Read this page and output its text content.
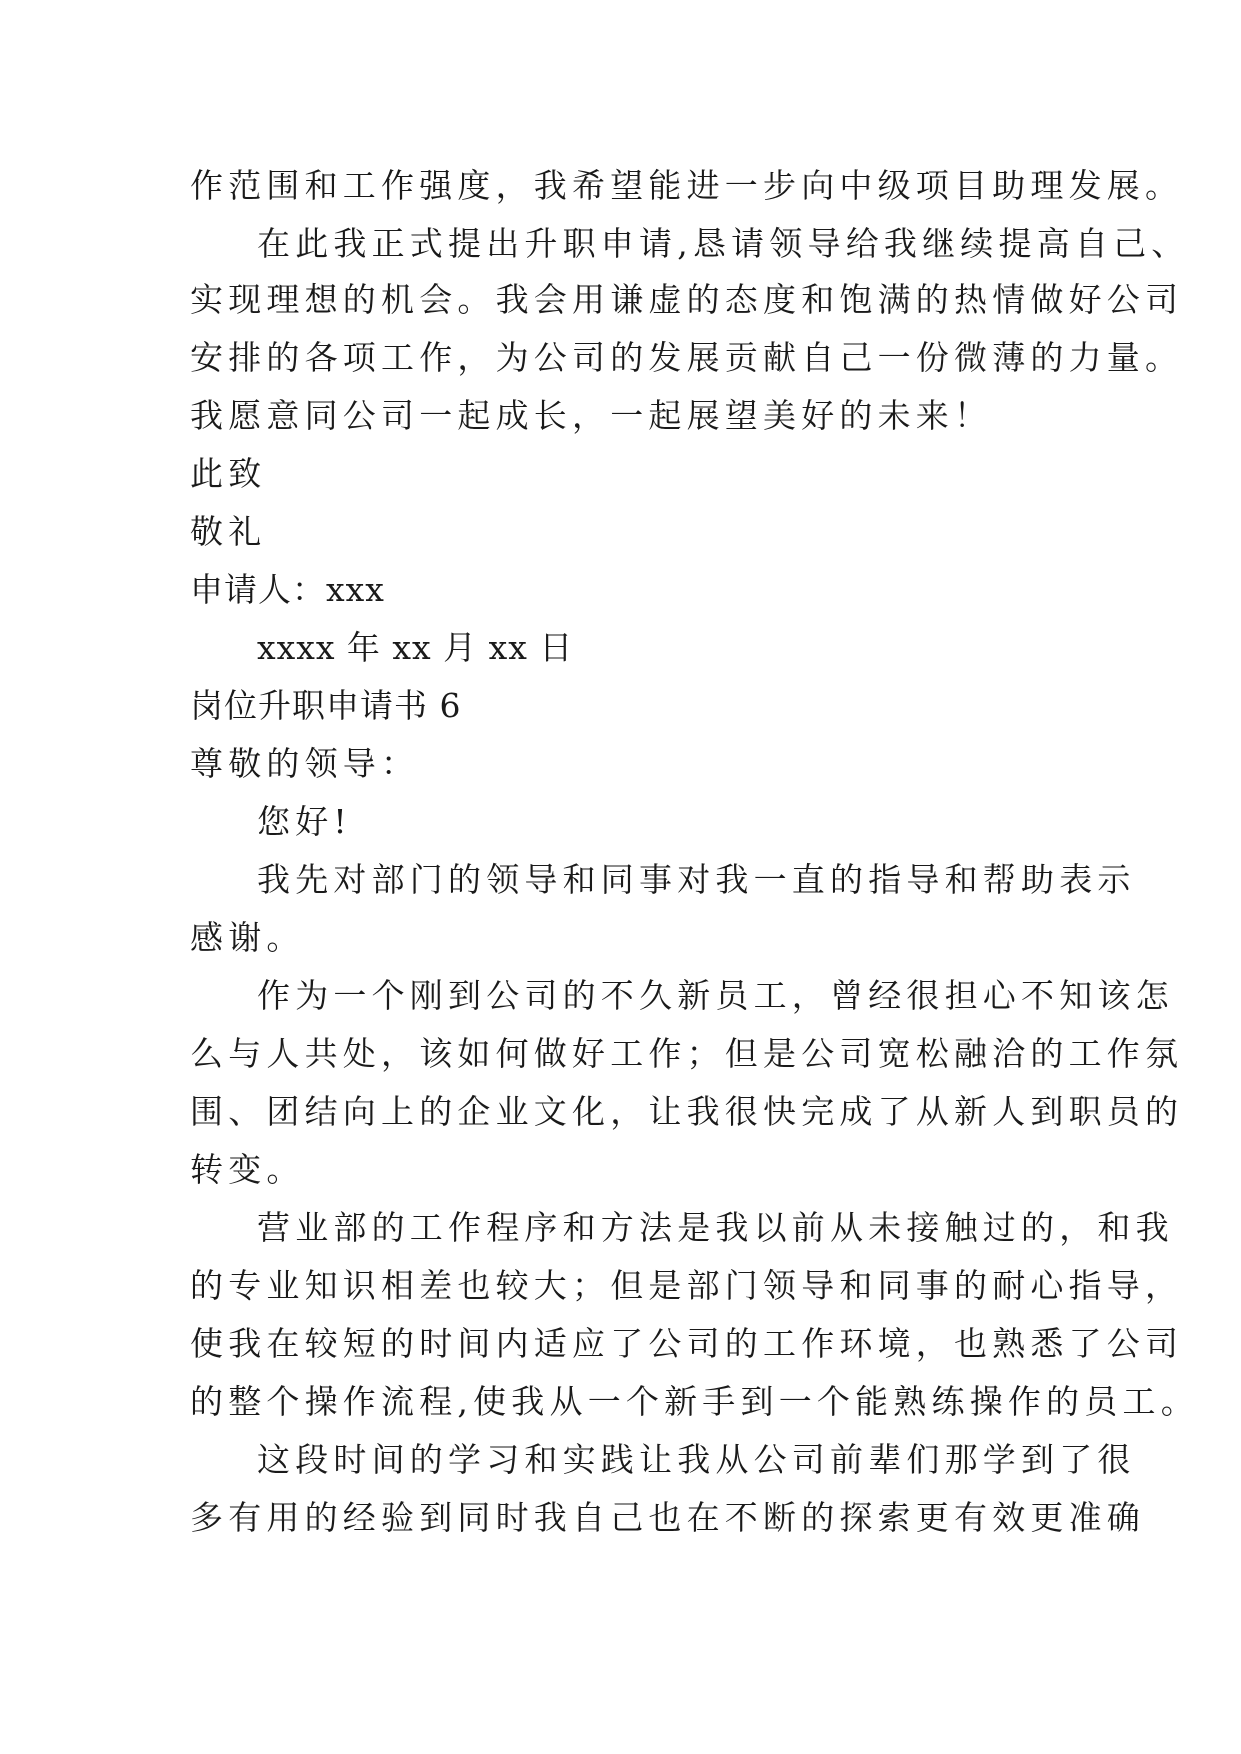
作范围和工作强度，我希望能进一步向中级项目助理发展。
在此我正式提出升职申请,恳请领导给我继续提高自己、
实现理想的机会。我会用谦虚的态度和饱满的热情做好公司
安排的各项工作，为公司的发展贡献自己一份微薄的力量。
我愿意同公司一起成长，一起展望美好的未来！
此致
敬礼
申请人：xxx
xxxx 年 xx 月 xx 日
岗位升职申请书 6
尊敬的领导：
您好!
我先对部门的领导和同事对我一直的指导和帮助表示
感谢。
作为一个刚到公司的不久新员工，曾经很担心不知该怎
么与人共处，该如何做好工作；但是公司宽松融洽的工作氛
围、团结向上的企业文化，让我很快完成了从新人到职员的
转变。
营业部的工作程序和方法是我以前从未接触过的，和我
的专业知识相差也较大；但是部门领导和同事的耐心指导，
使我在较短的时间内适应了公司的工作环境，也熟悉了公司
的整个操作流程,使我从一个新手到一个能熟练操作的员工。
这段时间的学习和实践让我从公司前辈们那学到了很
多有用的经验到同时我自己也在不断的探索更有效更准确
